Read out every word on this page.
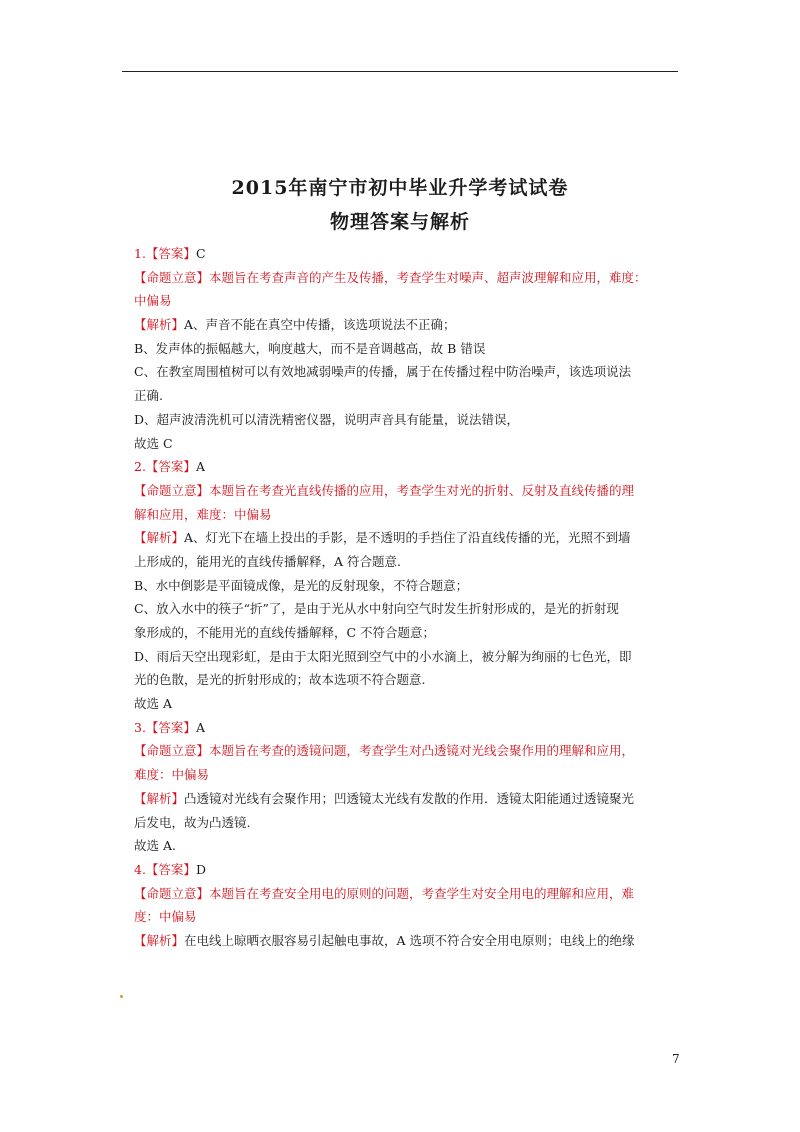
2015年南宁市初中毕业升学考试试卷
物理答案与解析
1.【答案】C
【命题立意】本题旨在考查声音的产生及传播，考查学生对噪声、超声波理解和应用，难度：
中偏易
【解析】A、声音不能在真空中传播，该选项说法不正确；
B、发声体的振幅越大，响度越大，而不是音调越高，故 B 错误
C、在教室周围植树可以有效地减弱噪声的传播，属于在传播过程中防治噪声，该选项说法
正确.
D、超声波清洗机可以清洗精密仪器，说明声音具有能量，说法错误，
故选 C
2.【答案】A
【命题立意】本题旨在考查光直线传播的应用，考查学生对光的折射、反射及直线传播的理
解和应用，难度：中偏易
【解析】A、灯光下在墙上投出的手影，是不透明的手挡住了沿直线传播的光，光照不到墙
上形成的，能用光的直线传播解释，A 符合题意.
B、水中倒影是平面镜成像，是光的反射现象，不符合题意；
C、放入水中的筷子“折”了，是由于光从水中射向空气时发生折射形成的，是光的折射现
象形成的，不能用光的直线传播解释，C 不符合题意；
D、雨后天空出现彩虹，是由于太阳光照到空气中的小水滴上，被分解为绚丽的七色光，即
光的色散，是光的折射形成的；故本选项不符合题意.
故选 A
3.【答案】A
【命题立意】本题旨在考查的透镜问题，考查学生对凸透镜对光线会聚作用的理解和应用，
难度：中偏易
【解析】凸透镜对光线有会聚作用；凹透镜太光线有发散的作用．透镜太阳能通过透镜聚光
后发电，故为凸透镜.
故选 A.
4.【答案】D
【命题立意】本题旨在考查安全用电的原则的问题，考查学生对安全用电的理解和应用，难
度：中偏易
【解析】在电线上晾晒衣服容易引起触电事故，A 选项不符合安全用电原则；电线上的绝缘
7
